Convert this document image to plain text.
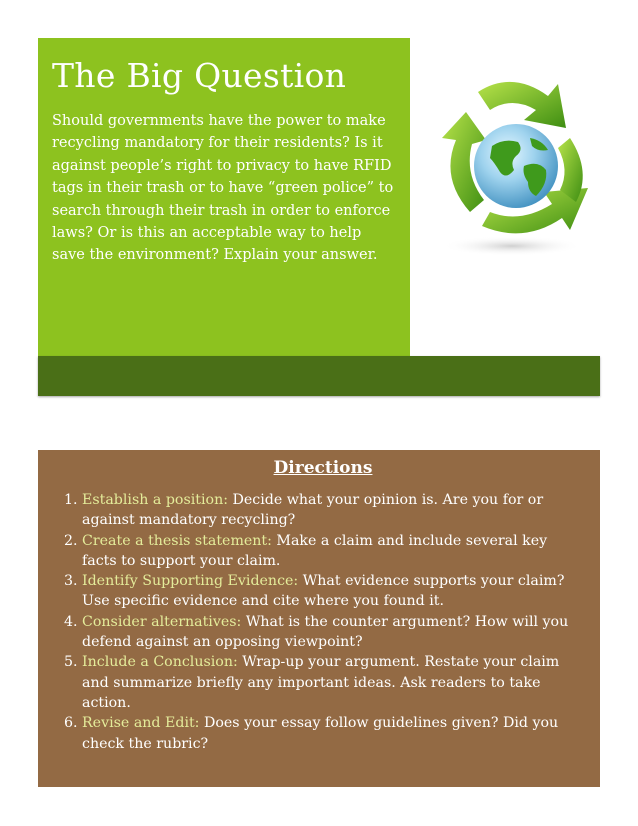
The Big Question

Should governments have the power to make recycling mandatory for their residents? Is it against people’s right to privacy to have RFID tags in their trash or to have “green police” to search through their trash in order to enforce laws? Or is this an acceptable way to help save the environment? Explain your answer.

Directions
1. Establish a position: Decide what your opinion is. Are you for or against mandatory recycling?
2. Create a thesis statement: Make a claim and include several key facts to support your claim.
3. Identify Supporting Evidence: What evidence supports your claim? Use specific evidence and cite where you found it.
4. Consider alternatives: What is the counter argument? How will you defend against an opposing viewpoint?
5. Include a Conclusion: Wrap-up your argument. Restate your claim and summarize briefly any important ideas. Ask readers to take action.
6. Revise and Edit: Does your essay follow guidelines given? Did you check the rubric?
